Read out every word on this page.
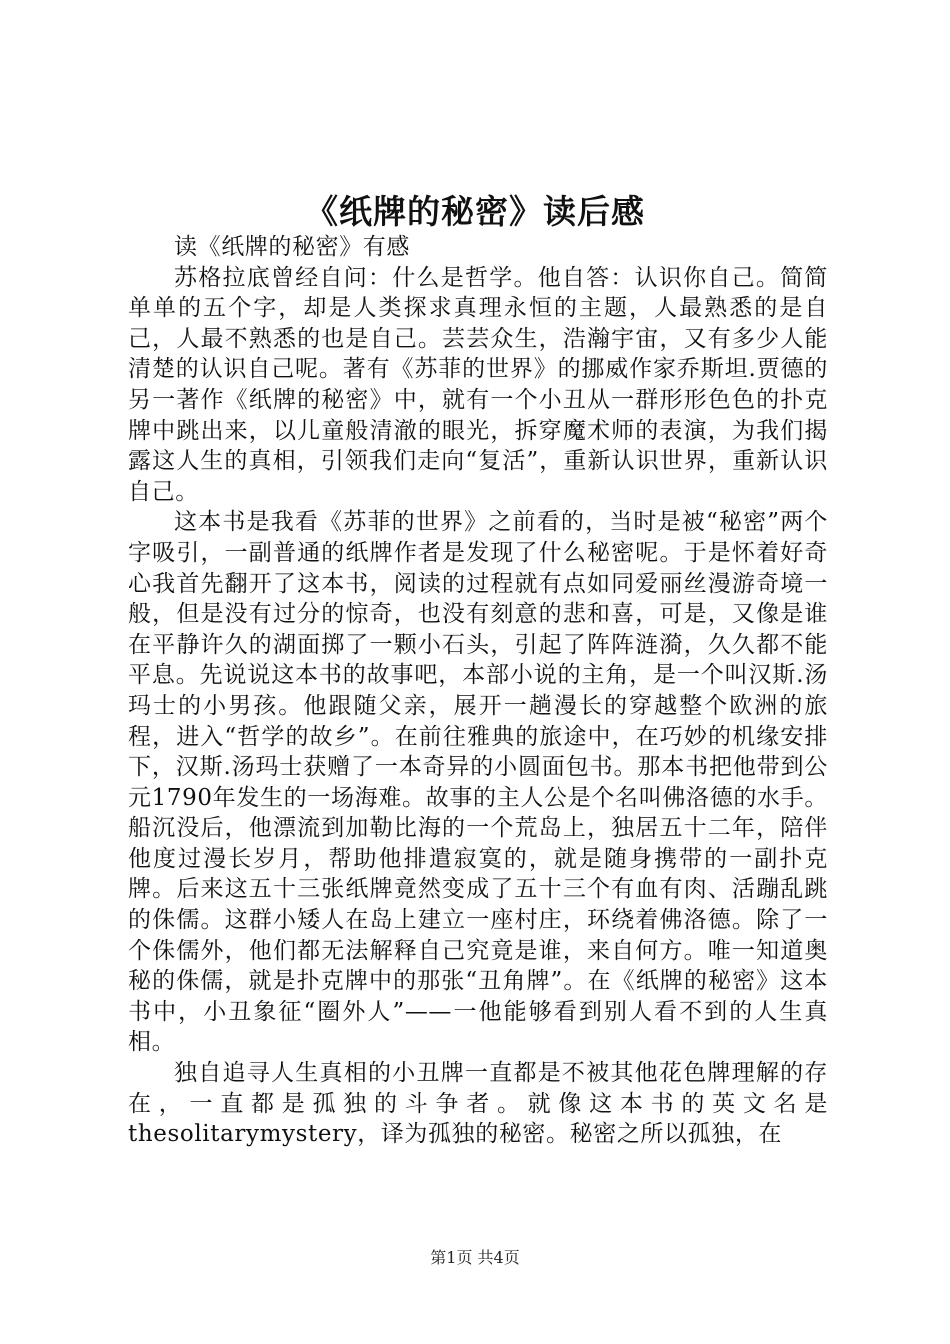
《纸牌的秘密》读后感

读《纸牌的秘密》有感

苏格拉底曾经自问：什么是哲学。他自答：认识你自己。简简单单的五个字，却是人类探求真理永恒的主题，人最熟悉的是自己，人最不熟悉的也是自己。芸芸众生，浩瀚宇宙，又有多少人能清楚的认识自己呢。著有《苏菲的世界》的挪威作家乔斯坦.贾德的另一著作《纸牌的秘密》中，就有一个小丑从一群形形色色的扑克牌中跳出来，以儿童般清澈的眼光，拆穿魔术师的表演，为我们揭露这人生的真相，引领我们走向“复活”，重新认识世界，重新认识自己。

这本书是我看《苏菲的世界》之前看的，当时是被“秘密”两个字吸引，一副普通的纸牌作者是发现了什么秘密呢。于是怀着好奇心我首先翻开了这本书，阅读的过程就有点如同爱丽丝漫游奇境一般，但是没有过分的惊奇，也没有刻意的悲和喜，可是，又像是谁在平静许久的湖面掷了一颗小石头，引起了阵阵涟漪，久久都不能平息。先说说这本书的故事吧，本部小说的主角，是一个叫汉斯.汤玛士的小男孩。他跟随父亲，展开一趟漫长的穿越整个欧洲的旅程，进入“哲学的故乡”。在前往雅典的旅途中，在巧妙的机缘安排下，汉斯.汤玛士获赠了一本奇异的小圆面包书。那本书把他带到公元1790年发生的一场海难。故事的主人公是个名叫佛洛德的水手。船沉没后，他漂流到加勒比海的一个荒岛上，独居五十二年，陪伴他度过漫长岁月，帮助他排遣寂寞的，就是随身携带的一副扑克牌。后来这五十三张纸牌竟然变成了五十三个有血有肉、活蹦乱跳的侏儒。这群小矮人在岛上建立一座村庄，环绕着佛洛德。除了一个侏儒外，他们都无法解释自己究竟是谁，来自何方。唯一知道奥秘的侏儒，就是扑克牌中的那张“丑角牌”。在《纸牌的秘密》这本书中，小丑象征“圈外人”——一他能够看到别人看不到的人生真相。

独自追寻人生真相的小丑牌一直都是不被其他花色牌理解的存在，一直都是孤独的斗争者。就像这本书的英文名是thesolitarymystery，译为孤独的秘密。秘密之所以孤独，在

第1页 共4页
